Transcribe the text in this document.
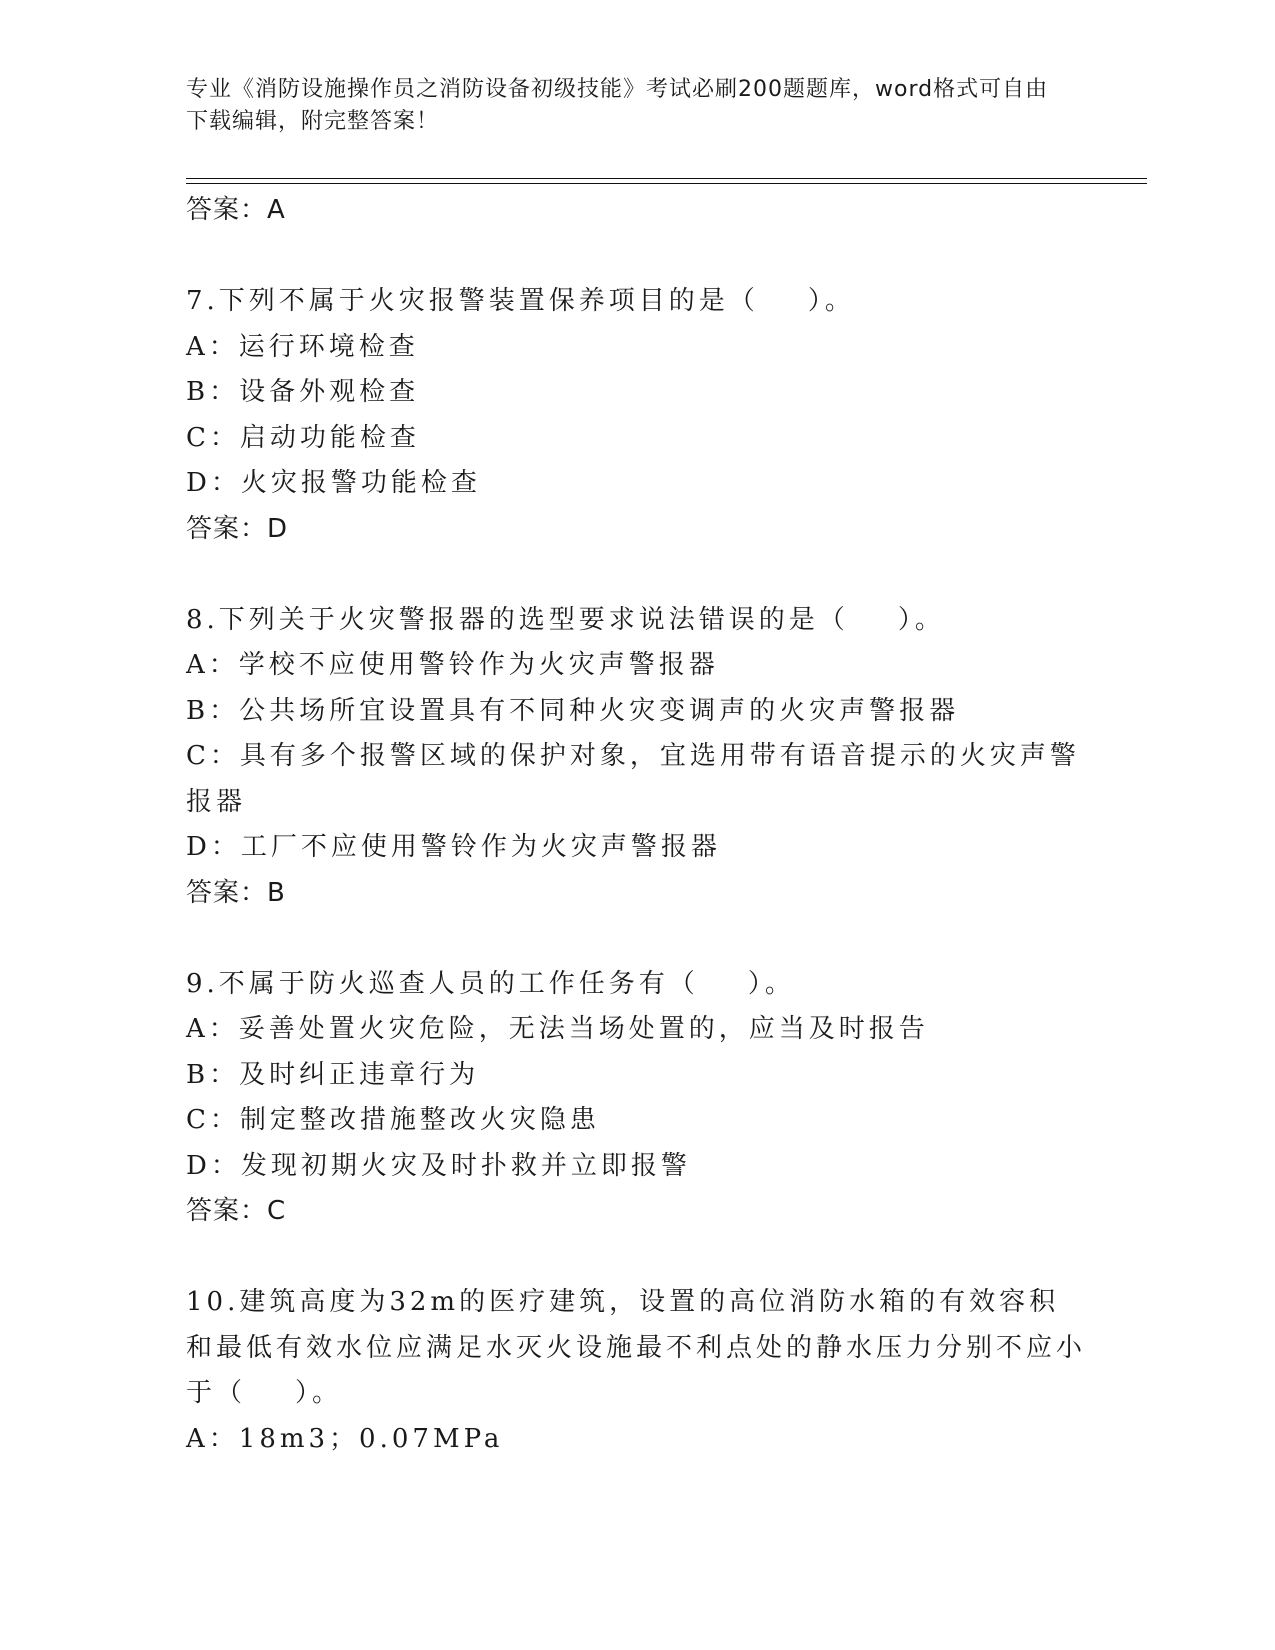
专业《消防设施操作员之消防设备初级技能》考试必刷200题题库，word格式可自由下载编辑，附完整答案！
答案：A

7.下列不属于火灾报警装置保养项目的是（    ）。

A：运行环境检查

B：设备外观检查

C：启动功能检查

D：火灾报警功能检查

答案：D

8.下列关于火灾警报器的选型要求说法错误的是（    ）。

A：学校不应使用警铃作为火灾声警报器

B：公共场所宜设置具有不同种火灾变调声的火灾声警报器

C：具有多个报警区域的保护对象，宜选用带有语音提示的火灾声警报器

D：工厂不应使用警铃作为火灾声警报器

答案：B

9.不属于防火巡查人员的工作任务有（    ）。

A：妥善处置火灾危险，无法当场处置的，应当及时报告

B：及时纠正违章行为

C：制定整改措施整改火灾隐患

D：发现初期火灾及时扑救并立即报警

答案：C

10.建筑高度为32m的医疗建筑，设置的高位消防水箱的有效容积和最低有效水位应满足水灭火设施最不利点处的静水压力分别不应小于（    ）。

A：18m3；0.07MPa
